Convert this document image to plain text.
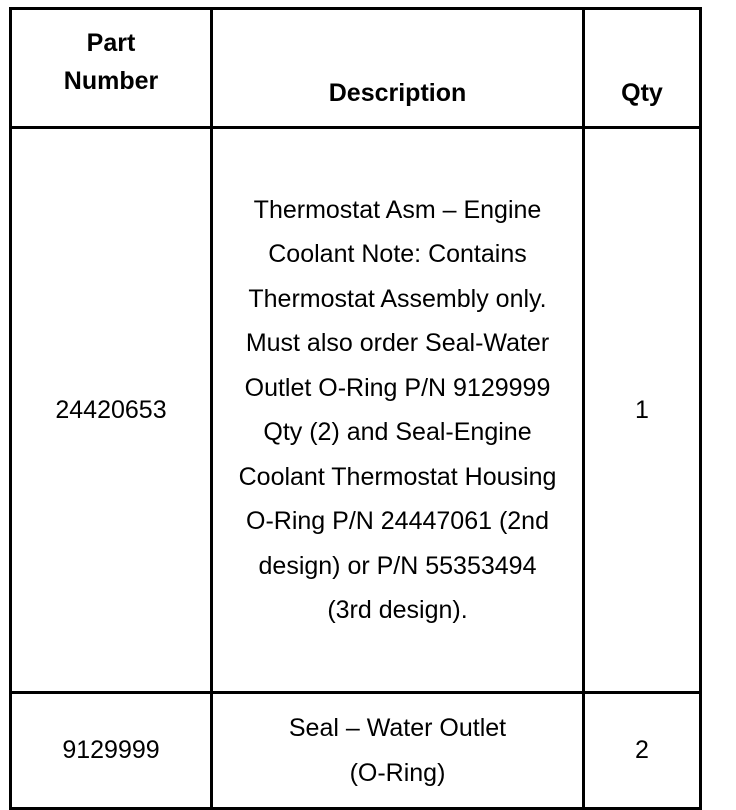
Part
Number	Description	Qty
24420653	Thermostat Asm – Engine Coolant Note: Contains Thermostat Assembly only. Must also order Seal-Water Outlet O-Ring P/N 9129999 Qty (2) and Seal-Engine Coolant Thermostat Housing O-Ring P/N 24447061 (2nd design) or P/N 55353494 (3rd design).	1
9129999	Seal – Water Outlet (O-Ring)	2
